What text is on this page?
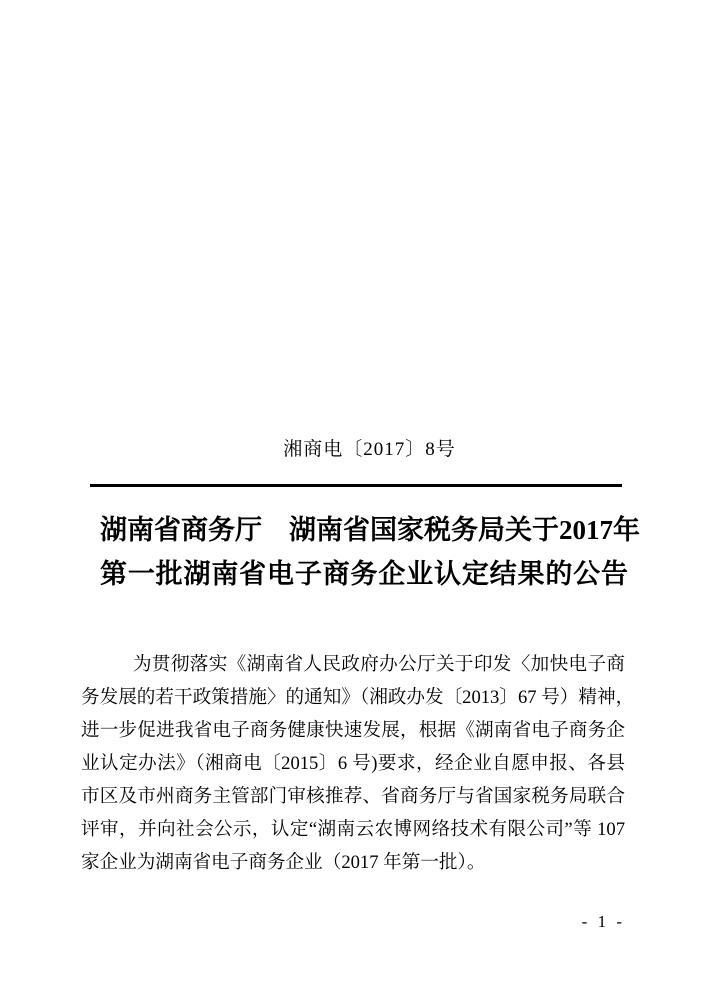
湘商电〔2017〕8号
湖南省商务厅　湖南省国家税务局关于2017年
第一批湖南省电子商务企业认定结果的公告
为贯彻落实《湖南省人民政府办公厅关于印发〈加快电子商
务发展的若干政策措施〉的通知》（湘政办发〔2013〕67 号）精神，
进一步促进我省电子商务健康快速发展，根据《湖南省电子商务企
业认定办法》（湘商电〔2015〕6 号)要求，经企业自愿申报、各县
市区及市州商务主管部门审核推荐、省商务厅与省国家税务局联合
评审，并向社会公示，认定“湖南云农博网络技术有限公司”等 107
家企业为湖南省电子商务企业（2017 年第一批）。
- 1 -
